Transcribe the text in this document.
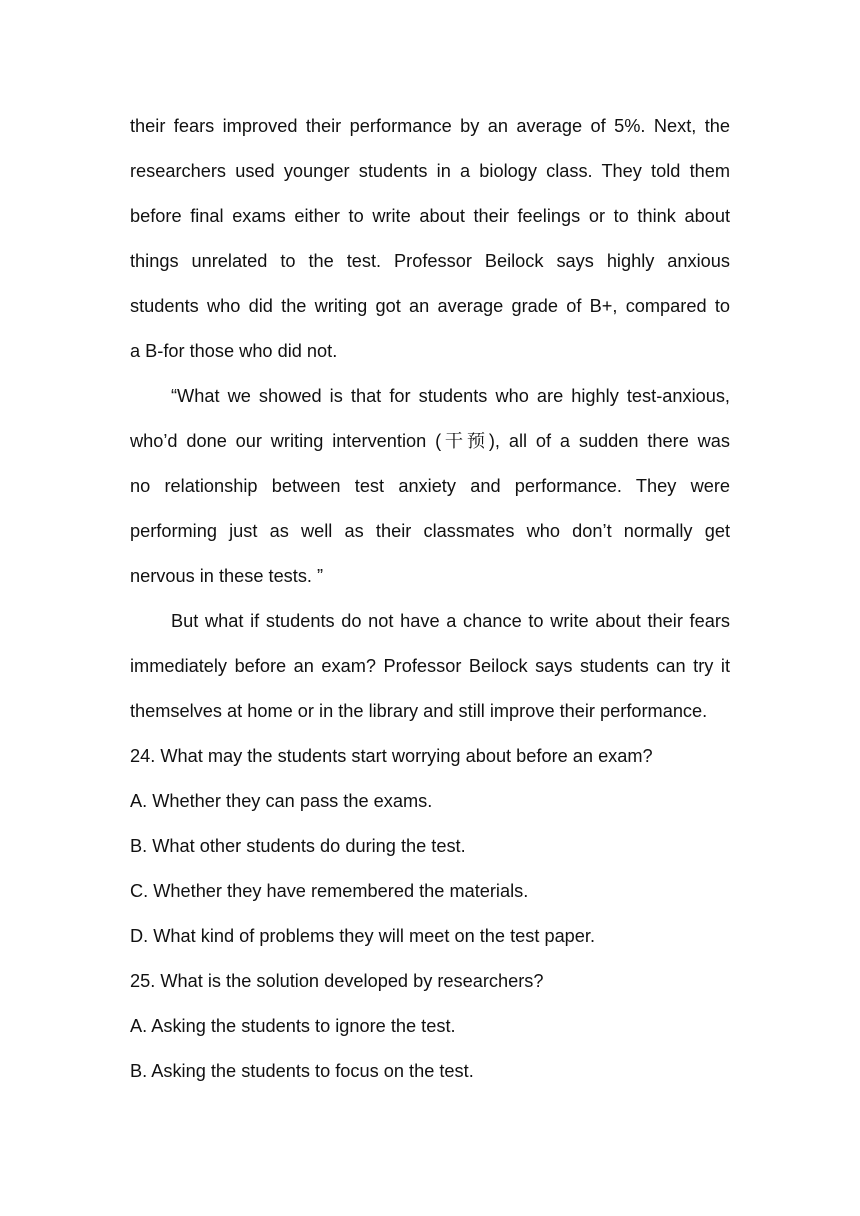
their fears improved their performance by an average of 5%. Next, the
researchers used younger students in a biology class. They told them
before final exams either to write about their feelings or to think about
things unrelated to the test. Professor Beilock says highly anxious
students who did the writing got an average grade of B+, compared to
a B-for those who did not.
“What we showed is that for students who are highly test-anxious,
who’d done our writing intervention (干预), all of a sudden there was
no relationship between test anxiety and performance. They were
performing just as well as their classmates who don’t normally get
nervous in these tests. ”
But what if students do not have a chance to write about their fears
immediately before an exam? Professor Beilock says students can try it
themselves at home or in the library and still improve their performance.
24. What may the students start worrying about before an exam?
A. Whether they can pass the exams.
B. What other students do during the test.
C. Whether they have remembered the materials.
D. What kind of problems they will meet on the test paper.
25. What is the solution developed by researchers?
A. Asking the students to ignore the test.
B. Asking the students to focus on the test.
